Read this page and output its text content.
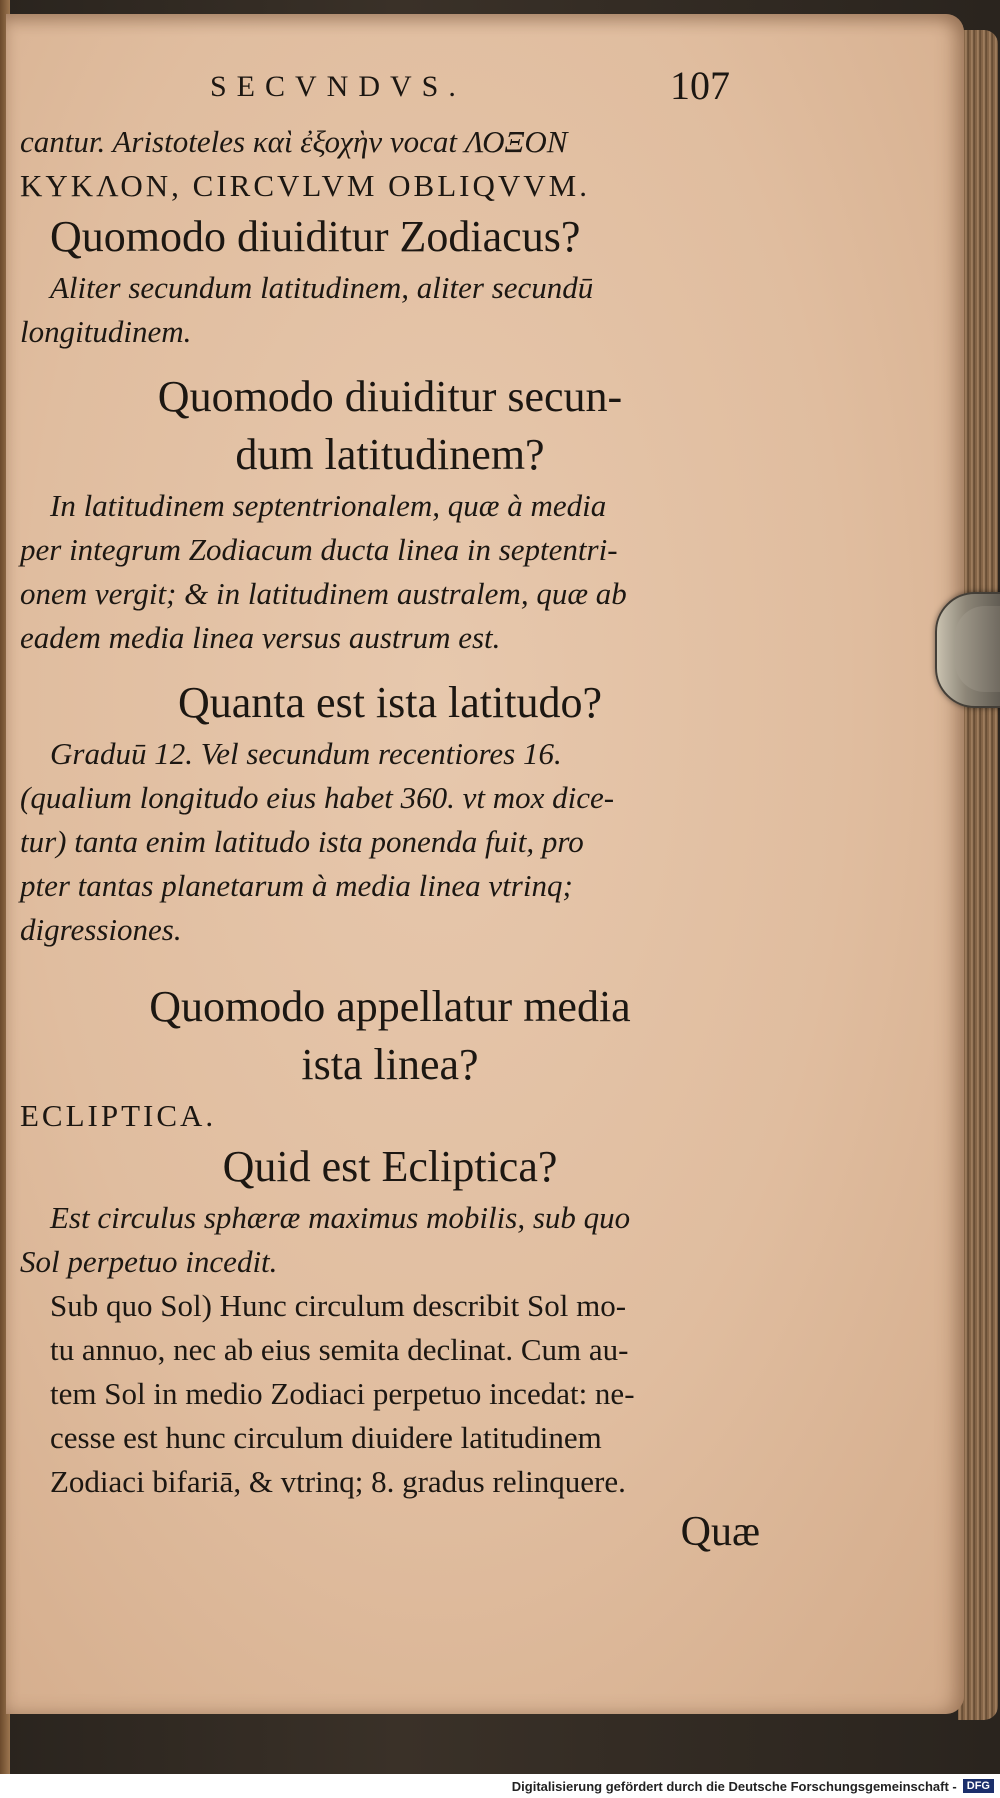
SECVNDVS.	107
cantur. Aristoteles καὶ ἐξοχὴν vocat ΛΟΞΟΝ
ΚΥΚΛΟΝ, CIRCVLVM OBLIQVVM.
Quomodo diuiditur Zodiacus?
Aliter secundum latitudinem, aliter secundū
longitudinem.
Quomodo diuiditur secun-
dum latitudinem?
In latitudinem septentrionalem, quæ à media
per integrum Zodiacum ducta linea in septentri-
onem vergit; & in latitudinem australem, quæ ab
eadem media linea versus austrum est.
Quanta est ista latitudo?
Graduū 12. Vel secundum recentiores 16.
(qualium longitudo eius habet 360. vt mox dice-
tur) tanta enim latitudo ista ponenda fuit, pro
pter tantas planetarum à media linea vtrinq;
digressiones.
Quomodo appellatur media
ista linea?
ECLIPTICA.
Quid est Ecliptica?
Est circulus sphæræ maximus mobilis, sub quo
Sol perpetuo incedit.
Sub quo Sol) Hunc circulum describit Sol mo-
tu annuo, nec ab eius semita declinat. Cum au-
tem Sol in medio Zodiaci perpetuo incedat: ne-
cesse est hunc circulum diuidere latitudinem
Zodiaci bifariā, & vtrinq; 8. gradus relinquere.
Quæ
Digitalisierung gefördert durch die Deutsche Forschungsgemeinschaft - DFG
